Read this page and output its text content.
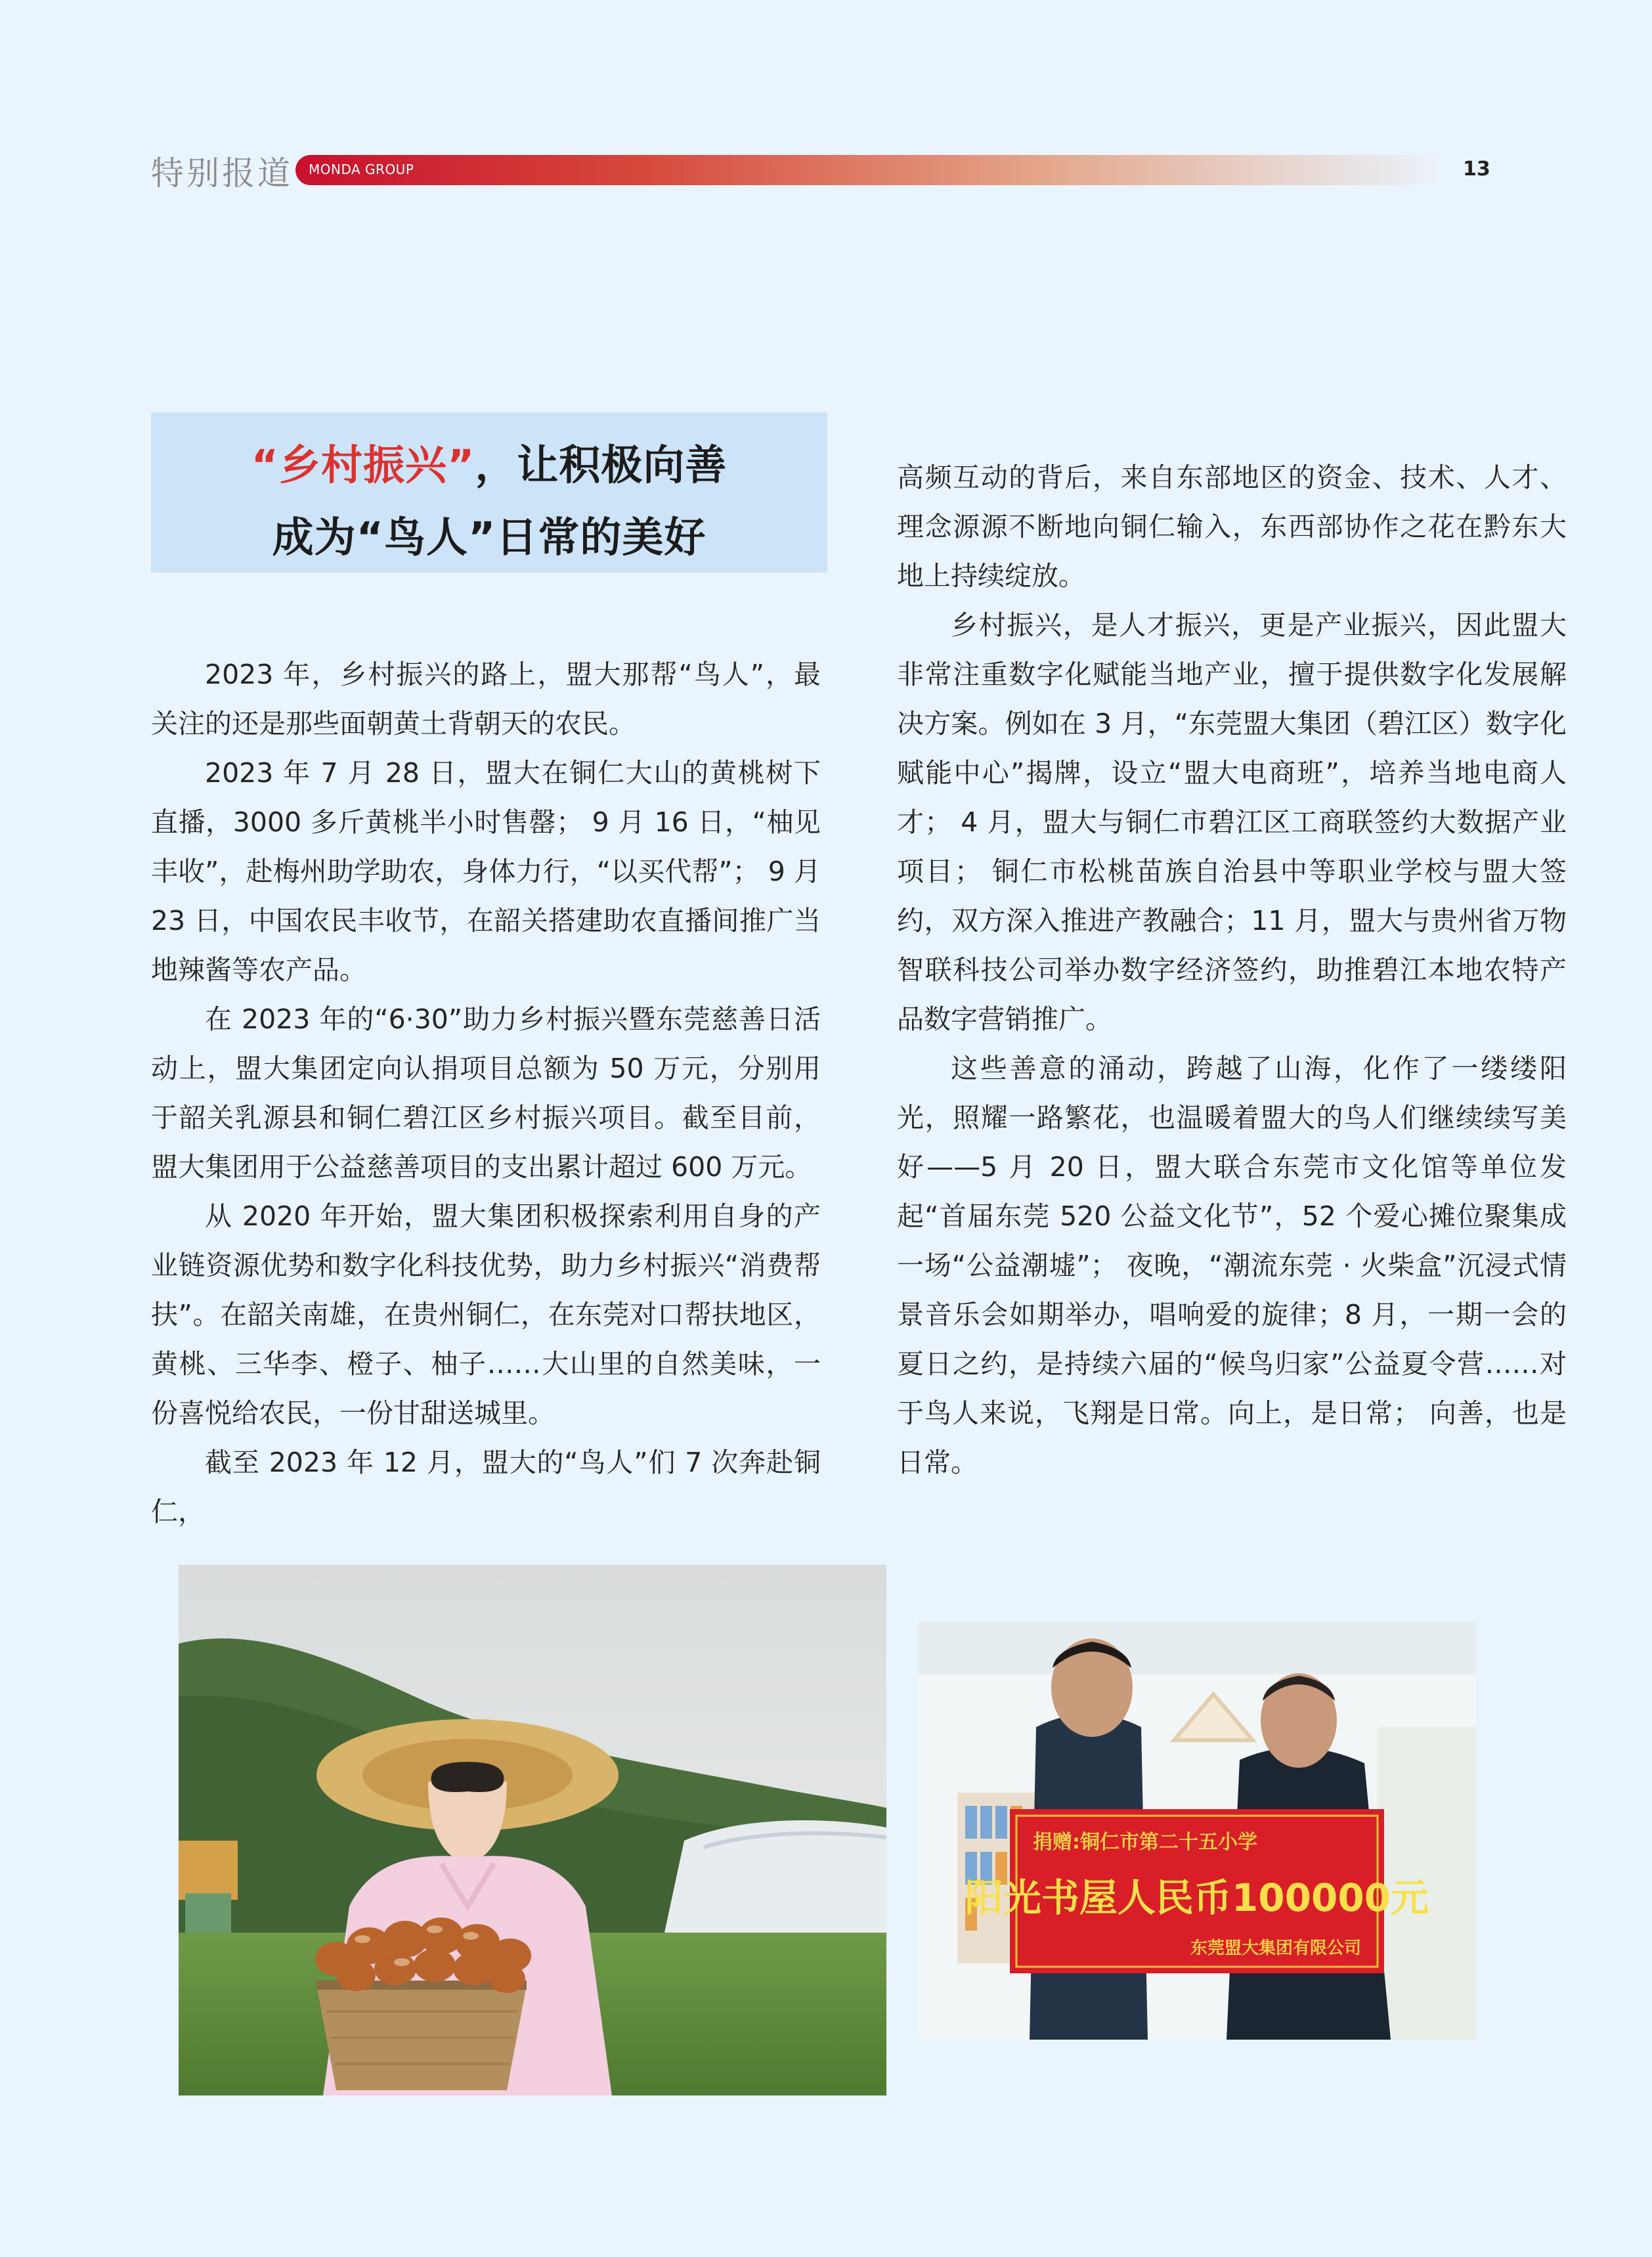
特别报道 MONDA GROUP	13
“乡村振兴”，让积极向善
成为“鸟人”日常的美好

2023 年，乡村振兴的路上，盟大那帮“鸟人”，最关注的还是那些面朝黄土背朝天的农民。

2023 年 7 月 28 日，盟大在铜仁大山的黄桃树下直播，3000 多斤黄桃半小时售罄； 9 月 16 日，“柚见丰收”，赴梅州助学助农，身体力行，“以买代帮”； 9 月 23 日，中国农民丰收节，在韶关搭建助农直播间推广当地辣酱等农产品。

在 2023 年的“6·30”助力乡村振兴暨东莞慈善日活动上，盟大集团定向认捐项目总额为 50 万元，分别用于韶关乳源县和铜仁碧江区乡村振兴项目。截至目前，盟大集团用于公益慈善项目的支出累计超过 600 万元。

从 2020 年开始，盟大集团积极探索利用自身的产业链资源优势和数字化科技优势，助力乡村振兴“消费帮扶”。在韶关南雄，在贵州铜仁，在东莞对口帮扶地区，黄桃、三华李、橙子、柚子……大山里的自然美味，一份喜悦给农民，一份甘甜送城里。

截至 2023 年 12 月，盟大的“鸟人”们 7 次奔赴铜仁，

高频互动的背后，来自东部地区的资金、技术、人才、理念源源不断地向铜仁输入，东西部协作之花在黔东大地上持续绽放。

乡村振兴，是人才振兴，更是产业振兴，因此盟大非常注重数字化赋能当地产业，擅于提供数字化发展解决方案。例如在 3 月，“东莞盟大集团（碧江区）数字化赋能中心”揭牌，设立“盟大电商班”，培养当地电商人才； 4 月，盟大与铜仁市碧江区工商联签约大数据产业项目； 铜仁市松桃苗族自治县中等职业学校与盟大签约，双方深入推进产教融合；11 月，盟大与贵州省万物智联科技公司举办数字经济签约，助推碧江本地农特产品数字营销推广。

这些善意的涌动，跨越了山海，化作了一缕缕阳光，照耀一路繁花，也温暖着盟大的鸟人们继续续写美好——5 月 20 日，盟大联合东莞市文化馆等单位发起“首届东莞 520 公益文化节”，52 个爱心摊位聚集成一场“公益潮墟”； 夜晚，“潮流东莞 · 火柴盒”沉浸式情景音乐会如期举办，唱响爱的旋律；8 月，一期一会的夏日之约，是持续六届的“候鸟归家”公益夏令营……对于鸟人来说，飞翔是日常。向上，是日常； 向善，也是日常。

捐赠:铜仁市第二十五小学
阳光书屋人民币100000元
东莞盟大集团有限公司
